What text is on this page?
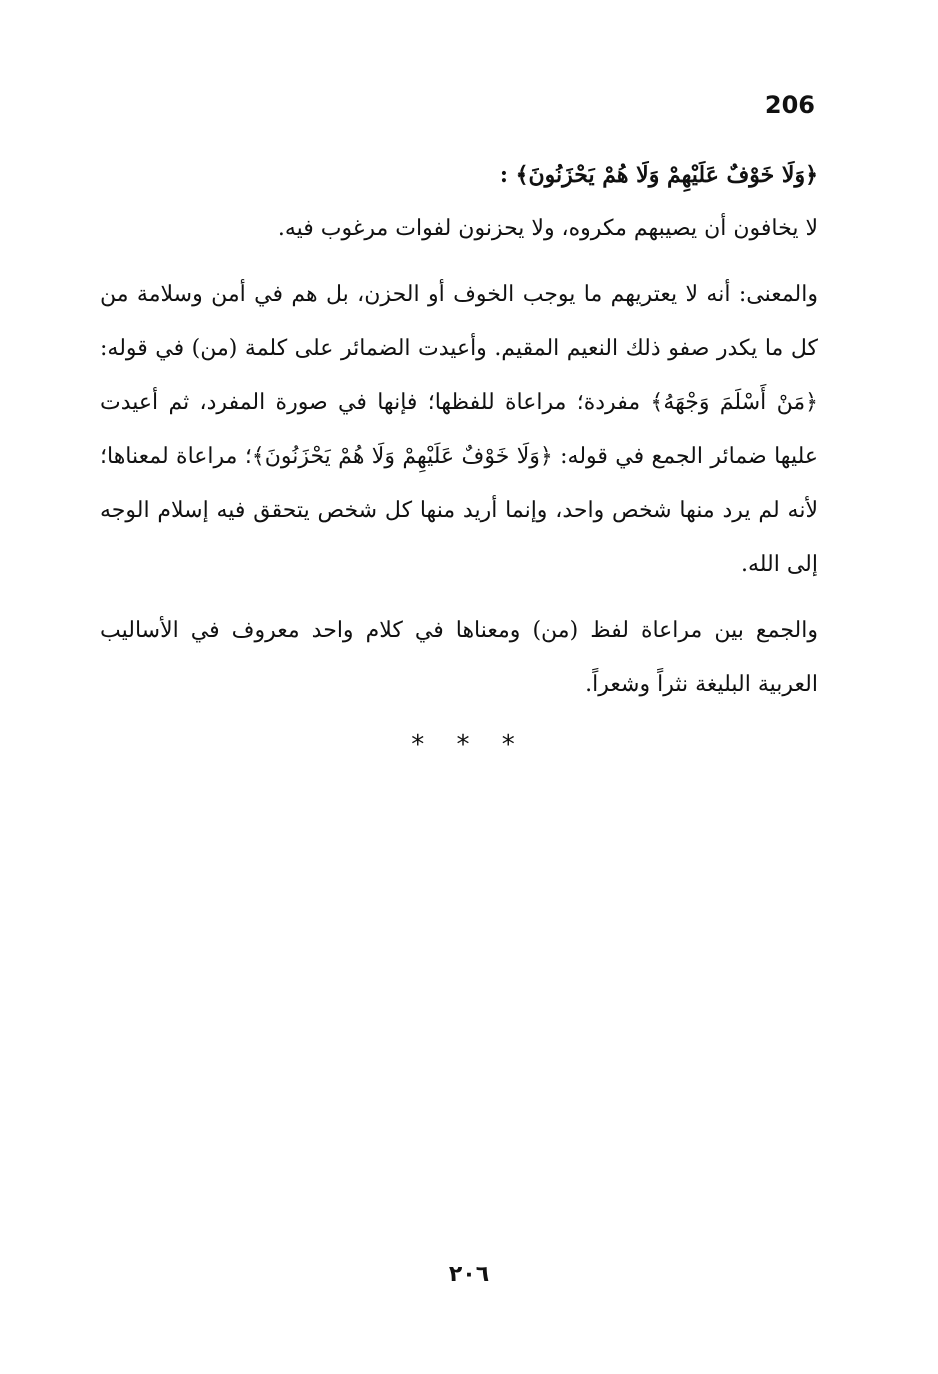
206

﴿وَلَا خَوْفٌ عَلَيْهِمْ وَلَا هُمْ يَحْزَنُونَ﴾ :

لا يخافون أن يصيبهم مكروه، ولا يحزنون لفوات مرغوب فيه.

والمعنى: أنه لا يعتريهم ما يوجب الخوف أو الحزن، بل هم في أمن وسلامة من كل ما يكدر صفو ذلك النعيم المقيم. وأعيدت الضمائر على كلمة (من) في قوله: ﴿مَنْ أَسْلَمَ وَجْهَهُ﴾ مفردة؛ مراعاة للفظها؛ فإنها في صورة المفرد، ثم أعيدت عليها ضمائر الجمع في قوله: ﴿وَلَا خَوْفٌ عَلَيْهِمْ وَلَا هُمْ يَحْزَنُونَ﴾؛ مراعاة لمعناها؛ لأنه لم يرد منها شخص واحد، وإنما أريد منها كل شخص يتحقق فيه إسلام الوجه إلى الله.

والجمع بين مراعاة لفظ (من) ومعناها في كلام واحد معروف في الأساليب العربية البليغة نثراً وشعراً.

* * *
٢٠٦
